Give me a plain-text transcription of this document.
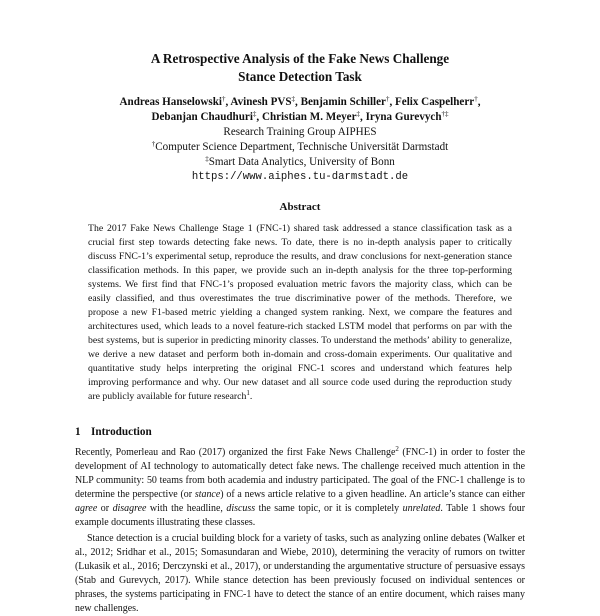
A Retrospective Analysis of the Fake News Challenge
Stance Detection Task
Andreas Hanselowski†, Avinesh PVS‡, Benjamin Schiller†, Felix Caspelherr†,
Debanjan Chaudhuri‡, Christian M. Meyer‡, Iryna Gurevych†‡
Research Training Group AIPHES
†Computer Science Department, Technische Universität Darmstadt
‡Smart Data Analytics, University of Bonn
https://www.aiphes.tu-darmstadt.de
Abstract
The 2017 Fake News Challenge Stage 1 (FNC-1) shared task addressed a stance classification task as a crucial first step towards detecting fake news. To date, there is no in-depth analysis paper to critically discuss FNC-1’s experimental setup, reproduce the results, and draw conclusions for next-generation stance classification methods. In this paper, we provide such an in-depth analysis for the three top-performing systems. We first find that FNC-1’s proposed evaluation metric favors the majority class, which can be easily classified, and thus overestimates the true discriminative power of the methods. Therefore, we propose a new F1-based metric yielding a changed system ranking. Next, we compare the features and architectures used, which leads to a novel feature-rich stacked LSTM model that performs on par with the best systems, but is superior in predicting minority classes. To understand the methods’ ability to generalize, we derive a new dataset and perform both in-domain and cross-domain experiments. Our qualitative and quantitative study helps interpreting the original FNC-1 scores and understand which features help improving performance and why. Our new dataset and all source code used during the reproduction study are publicly available for future research$^1$.
1 Introduction

Recently, Pomerleau and Rao (2017) organized the first Fake News Challenge$^2$ (FNC-1) in order to foster the development of AI technology to automatically detect fake news. The challenge received much attention in the NLP community: 50 teams from both academia and industry participated. The goal of the FNC-1 challenge is to determine the perspective (or stance) of a news article relative to a given headline. An article’s stance can either agree or disagree with the headline, discuss the same topic, or it is completely unrelated. Table 1 shows four example documents illustrating these classes.

Stance detection is a crucial building block for a variety of tasks, such as analyzing online debates (Walker et al., 2012; Sridhar et al., 2015; Somasundaran and Wiebe, 2010), determining the veracity of rumors on twitter (Lukasik et al., 2016; Derczynski et al., 2017), or understanding the argumentative structure of persuasive essays (Stab and Gurevych, 2017). While stance detection has been previously focused on individual sentences or phrases, the systems participating in FNC-1 have to detect the stance of an entire document, which raises many new challenges.
